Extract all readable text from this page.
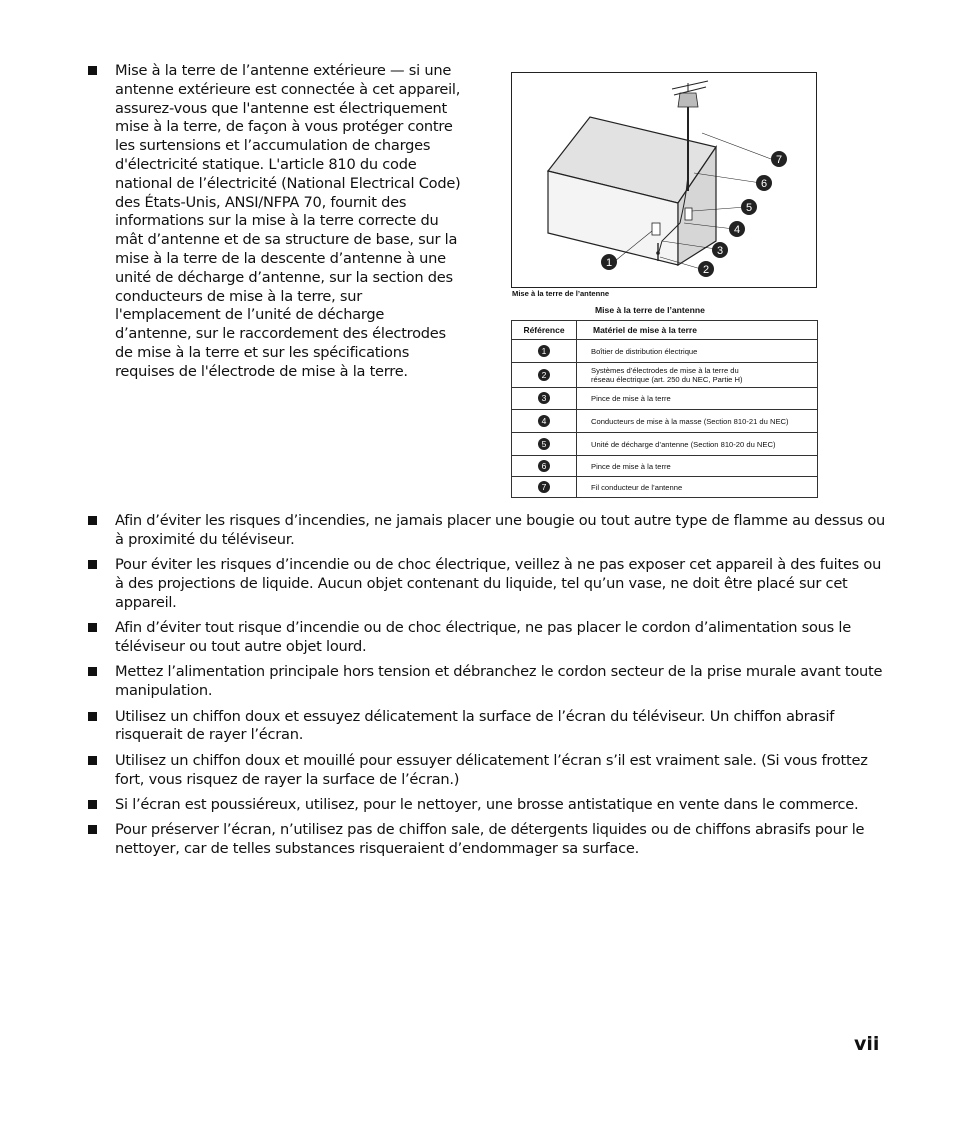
Mise à la terre de l’antenne extérieure — si une antenne extérieure est connectée à cet appareil, assurez-vous que l'antenne est électriquement mise à la terre, de façon à vous protéger contre les surtensions et l’accumulation de charges d'électricité statique. L'article 810 du code national de l’électricité (National Electrical Code) des États-Unis, ANSI/NFPA 70, fournit des informations sur la mise à la terre correcte du mât d’antenne et de sa structure de base, sur la mise à la terre de la descente d’antenne à une unité de décharge d’antenne, sur la section des conducteurs de mise à la terre, sur l'emplacement de l’unité de décharge d’antenne, sur le raccordement des électrodes de mise à la terre et sur les spécifications requises de l'électrode de mise à la terre.
7
6
5
4
3
2
1
Mise à la terre de l’antenne
Mise à la terre de l’antenne
Référence	Matériel de mise à la terre
1	Boîtier de distribution électrique

2	Systèmes d’électrodes de mise à la terre du
réseau électrique (art. 250 du NEC, Partie H)

3	Pince de mise à la terre

4	Conducteurs de mise à la masse (Section 810-21 du NEC)

5	Unité de décharge d’antenne (Section 810-20 du NEC)

6	Pince de mise à la terre

7	Fil conducteur de l’antenne
Afin d’éviter les risques d’incendies, ne jamais placer une bougie ou tout autre type de flamme au dessus ou à proximité du téléviseur.
Pour éviter les risques d’incendie ou de choc électrique, veillez à ne pas exposer cet appareil à des fuites ou à des projections de liquide. Aucun objet contenant du liquide, tel qu’un vase, ne doit être placé sur cet appareil.
Afin d’éviter tout risque d’incendie ou de choc électrique, ne pas placer le cordon d’alimentation sous le téléviseur ou tout autre objet lourd.
Mettez l’alimentation principale hors tension et débranchez le cordon secteur de la prise murale avant toute manipulation.
Utilisez un chiffon doux et essuyez délicatement la surface de l’écran du téléviseur. Un chiffon abrasif risquerait de rayer l’écran.
Utilisez un chiffon doux et mouillé pour essuyer délicatement l’écran s’il est vraiment sale. (Si vous frottez fort, vous risquez de rayer la surface de l’écran.)
Si l’écran est poussiéreux, utilisez, pour le nettoyer, une brosse antistatique en vente dans le commerce.
Pour préserver l’écran, n’utilisez pas de chiffon sale, de détergents liquides ou de chiffons abrasifs pour le nettoyer, car de telles substances risqueraient d’endommager sa surface.
vii
